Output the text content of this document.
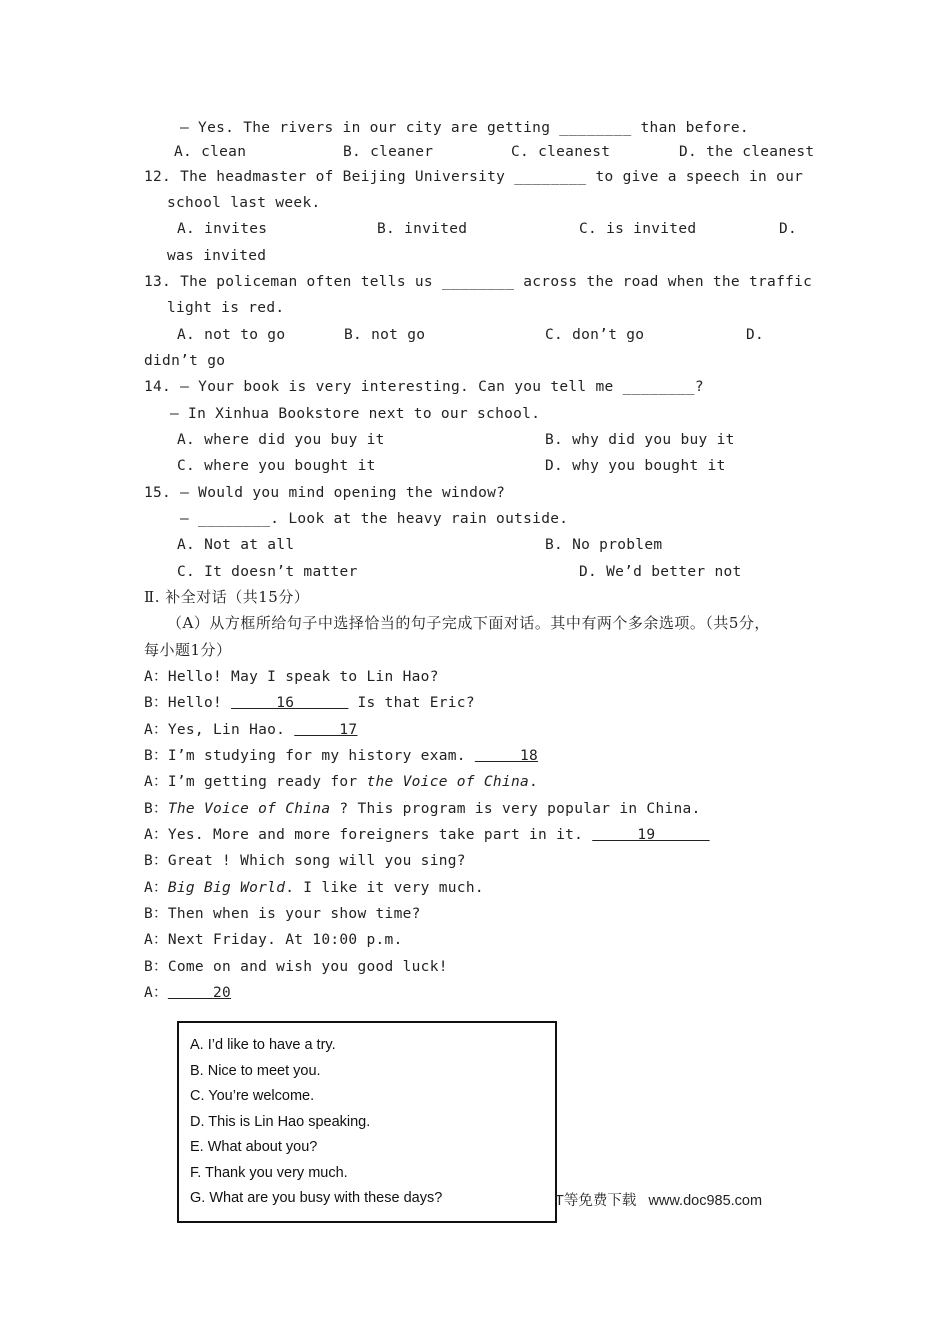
– Yes. The rivers in our city are getting ________ than before.
A. clean	B. cleaner	C. cleanest	D. the cleanest
12. The headmaster of Beijing University ________ to give a speech in our
school last week.
A. invites	B. invited	C. is invited	D.
was invited
13. The policeman often tells us ________ across the road when the traffic
light is red.
A. not to go	B. not go	C. don’t go	D.
didn’t go
14. – Your book is very interesting. Can you tell me ________?
– In Xinhua Bookstore next to our school.
A. where did you buy it	B. why did you buy it
C. where you bought it	D. why you bought it
15. – Would you mind opening the window?
– ________. Look at the heavy rain outside.
A. Not at all	B. No problem
C. It doesn’t matter	D. We’d better not
Ⅱ. 补全对话（共15分）
（A）从方框所给句子中选择恰当的句子完成下面对话。其中有两个多余选项。（共5分，
每小题1分）
A：Hello! May I speak to Lin Hao?
B：Hello!      16       Is that Eric?
A：Yes, Lin Hao.      17
B：I’m studying for my history exam.      18
A：I’m getting ready for the Voice of China.
B：The Voice of China ? This program is very popular in China.
A：Yes. More and more foreigners take part in it.      19
B：Great ! Which song will you sing?
A：Big Big World. I like it very much.
B：Then when is your show time?
A：Next Friday. At 10:00 p.m.
B：Come on and wish you good luck!
A：     20
A. I’d like to have a try.
B. Nice to meet you.
C. You’re welcome.
D. This is Lin Hao speaking.
E. What about you?
F. Thank you very much.
G. What are you busy with these days?	T等免费下载   www.doc985.com
